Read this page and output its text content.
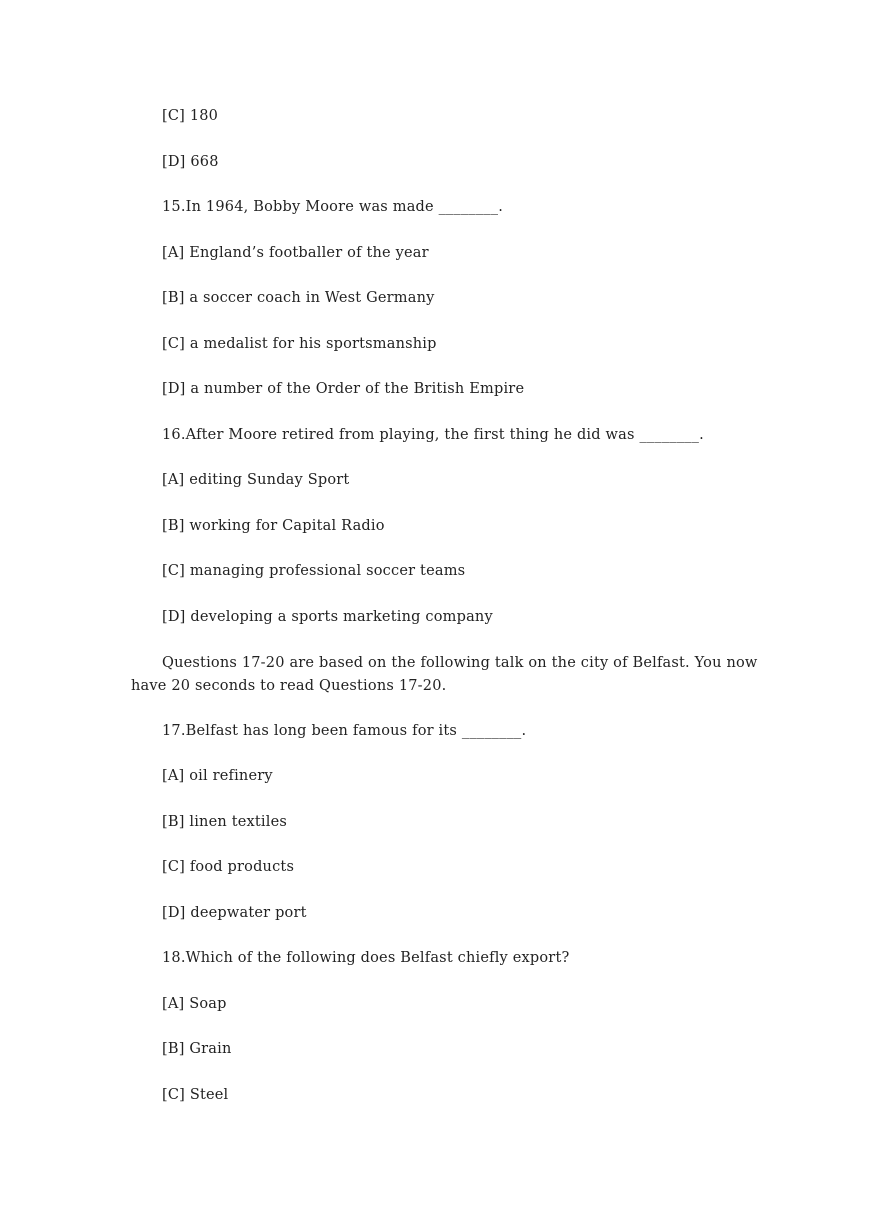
[C] 180
[D] 668
15.In 1964, Bobby Moore was made ________.
[A] England’s footballer of the year
[B] a soccer coach in West Germany
[C] a medalist for his sportsmanship
[D] a number of the Order of the British Empire
16.After Moore retired from playing, the first thing he did was ________.
[A] editing Sunday Sport
[B] working for Capital Radio
[C] managing professional soccer teams
[D] developing a sports marketing company
Questions 17-20 are based on the following talk on the city of Belfast. You now
have 20 seconds to read Questions 17-20.
17.Belfast has long been famous for its ________.
[A] oil refinery
[B] linen textiles
[C] food products
[D] deepwater port
18.Which of the following does Belfast chiefly export?
[A] Soap
[B] Grain
[C] Steel
